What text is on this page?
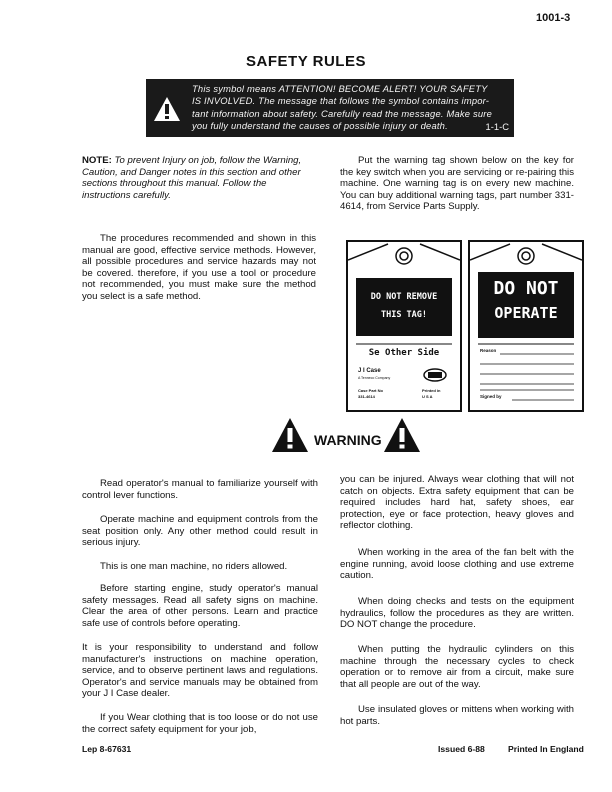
1001-3
SAFETY RULES
This symbol means ATTENTION! BECOME ALERT! YOUR SAFETY
IS INVOLVED. The message that follows the symbol contains impor-
tant information about safety. Carefully read the message. Make sure
you fully understand the causes of possible injury or death.	1-1-C
NOTE: To prevent Injury on job, follow the Warning, Caution, and Danger notes in this section and other sections throughout this manual. Follow the instructions carefully.

The procedures recommended and shown in this manual are good, effective service methods. However, all possible procedures and service hazards may not be covered. therefore, if you use a tool or procedure not recommended, you must make sure the method you select is a safe method.

Put the warning tag shown below on the key for the key switch when you are servicing or re-pairing this machine. One warning tag is on every new machine. You can buy additional warning tags, part number 331-4614, from Service Parts Supply.

DO NOT REMOVE
THIS TAG!
Se Other Side
J I Case
A Tenneco Company
Case Part No
331-4614
Printed in
U S A
DO NOT
OPERATE
Reason
Signed by
WARNING

Read operator's manual to familiarize yourself with control lever functions.

Operate machine and equipment controls from the seat position only. Any other method could result in serious injury.

This is one man machine, no riders allowed.

Before starting engine, study operator's manual safety messages. Read all safety signs on machine. Clear the area of other persons. Learn and practice safe use of controls before operating.

It is your responsibility to understand and follow manufacturer's instructions on machine operation, service, and to observe pertinent laws and regulations. Operator's and service manuals may be obtained from your J I Case dealer.

If you Wear clothing that is too loose or do not use the correct safety equipment for your job,

you can be injured. Always wear clothing that will not catch on objects. Extra safety equipment that can be required includes hard hat, safety shoes, ear protection, eye or face protection, heavy gloves and reflector clothing.

When working in the area of the fan belt with the engine running, avoid loose clothing and use extreme caution.

When doing checks and tests on the equipment hydraulics, follow the procedures as they are written. DO NOT change the procedure.

When putting the hydraulic cylinders on this machine through the necessary cycles to check operation or to remove air from a circuit, make sure that all people are out of the way.

Use insulated gloves or mittens when working with hot parts.

Lep 8-67631	Issued 6-88	Printed In England
